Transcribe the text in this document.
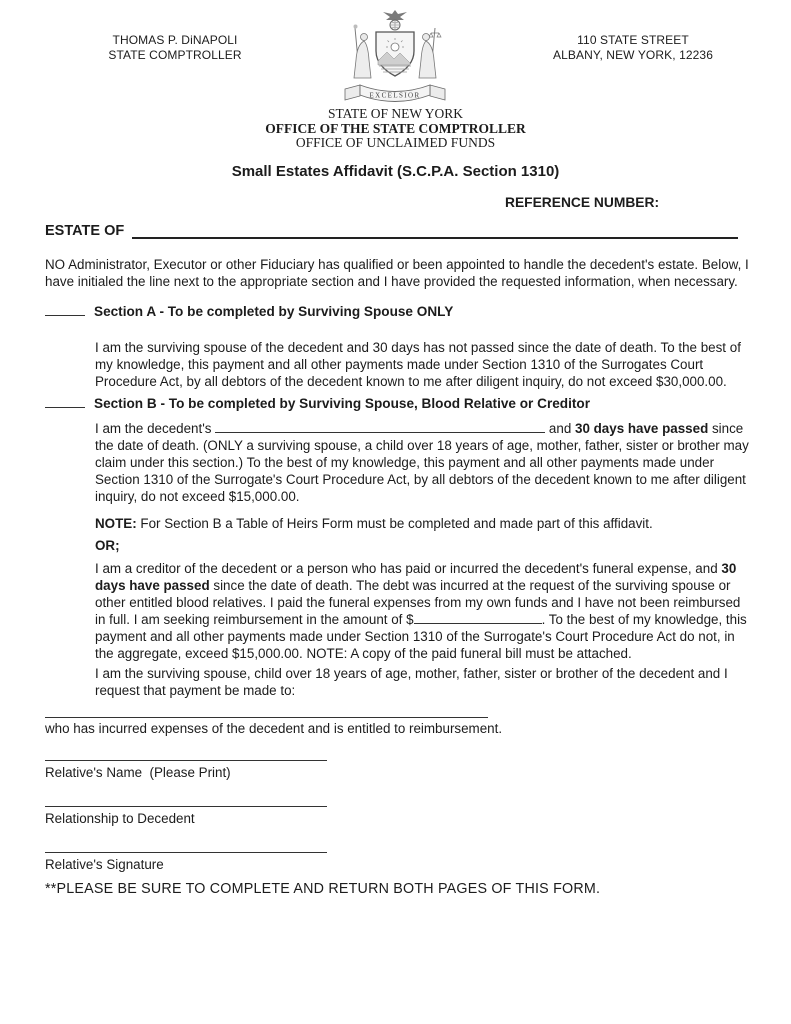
THOMAS P. DiNAPOLI
STATE COMPTROLLER
EXCELSIOR
110 STATE STREET
ALBANY, NEW YORK, 12236
STATE OF NEW YORK
OFFICE OF THE STATE COMPTROLLER
OFFICE OF UNCLAIMED FUNDS
Small Estates Affidavit (S.C.P.A. Section 1310)
REFERENCE NUMBER:
ESTATE OF
NO Administrator, Executor or other Fiduciary has qualified or been appointed to handle the decedent's estate. Below, I have initialed the line next to the appropriate section and I have provided the requested information, when necessary.
Section A - To be completed by Surviving Spouse ONLY
I am the surviving spouse of the decedent and 30 days has not passed since the date of death. To the best of my knowledge, this payment and all other payments made under Section 1310 of the Surrogates Court Procedure Act, by all debtors of the decedent known to me after diligent inquiry, do not exceed $30,000.00.
Section B - To be completed by Surviving Spouse, Blood Relative or Creditor
I am the decedent's	and 30 days have passed since the date of death. (ONLY a surviving spouse, a child over 18 years of age, mother, father, sister or brother may claim under this section.) To the best of my knowledge, this payment and all other payments made under Section 1310 of the Surrogate's Court Procedure Act, by all debtors of the decedent known to me after diligent inquiry, do not exceed $15,000.00.
NOTE: For Section B a Table of Heirs Form must be completed and made part of this affidavit.
OR;
I am a creditor of the decedent or a person who has paid or incurred the decedent's funeral expense, and 30 days have passed since the date of death. The debt was incurred at the request of the surviving spouse or other entitled blood relatives. I paid the funeral expenses from my own funds and I have not been reimbursed in full. I am seeking reimbursement in the amount of $	. To the best of my knowledge, this payment and all other payments made under Section 1310 of the Surrogate's Court Procedure Act do not, in the aggregate, exceed $15,000.00. NOTE: A copy of the paid funeral bill must be attached.
I am the surviving spouse, child over 18 years of age, mother, father, sister or brother of the decedent and I request that payment be made to:
who has incurred expenses of the decedent and is entitled to reimbursement.
Relative's Name  (Please Print)
Relationship to Decedent
Relative's Signature
**PLEASE BE SURE TO COMPLETE AND RETURN BOTH PAGES OF THIS FORM.
